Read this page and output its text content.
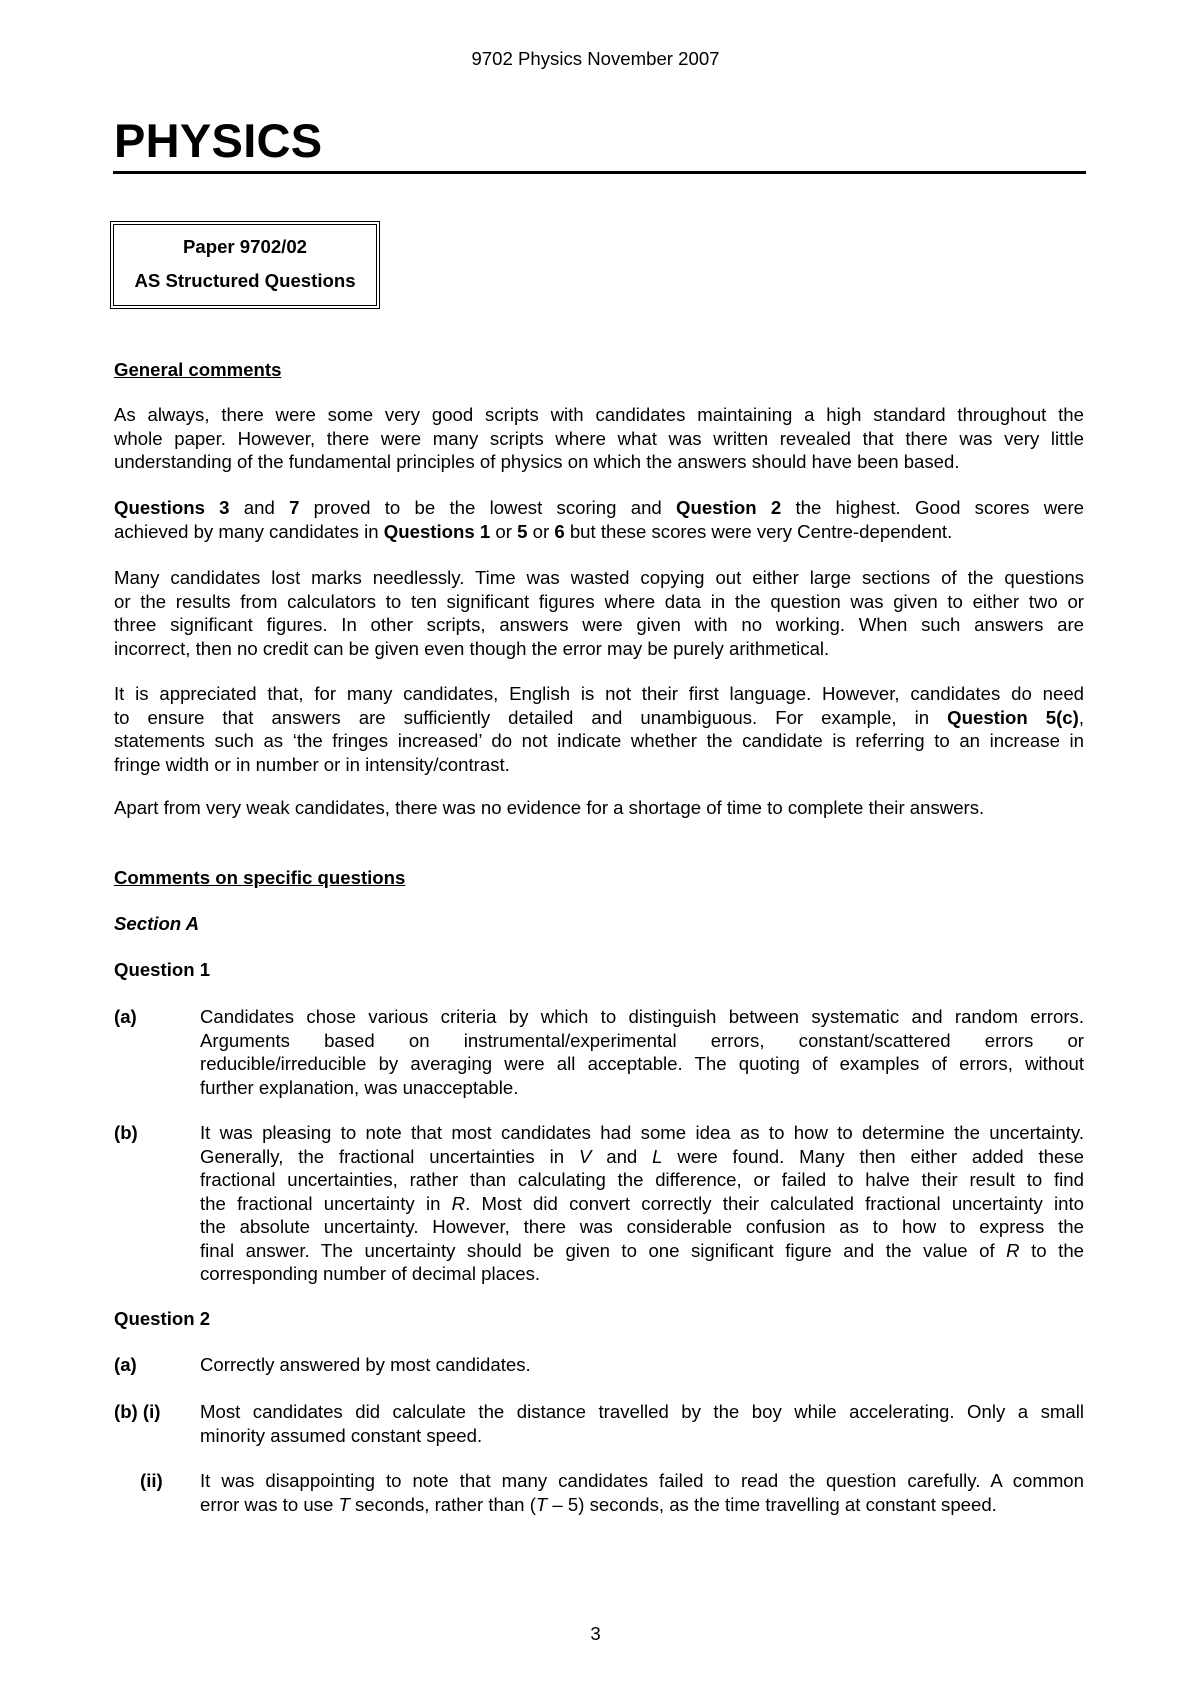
9702 Physics November 2007
PHYSICS
Paper 9702/02
AS Structured Questions
General comments
As always, there were some very good scripts with candidates maintaining a high standard throughout the
whole paper. However, there were many scripts where what was written revealed that there was very little
understanding of the fundamental principles of physics on which the answers should have been based.
Questions 3 and 7 proved to be the lowest scoring and Question 2 the highest. Good scores were
achieved by many candidates in Questions 1 or 5 or 6 but these scores were very Centre-dependent.
Many candidates lost marks needlessly. Time was wasted copying out either large sections of the questions
or the results from calculators to ten significant figures where data in the question was given to either two or
three significant figures. In other scripts, answers were given with no working. When such answers are
incorrect, then no credit can be given even though the error may be purely arithmetical.
It is appreciated that, for many candidates, English is not their first language. However, candidates do need
to ensure that answers are sufficiently detailed and unambiguous. For example, in Question 5(c),
statements such as ‘the fringes increased’ do not indicate whether the candidate is referring to an increase in
fringe width or in number or in intensity/contrast.
Apart from very weak candidates, there was no evidence for a shortage of time to complete their answers.
Comments on specific questions
Section A
Question 1
(a)	Candidates chose various criteria by which to distinguish between systematic and random errors.
Arguments based on instrumental/experimental errors, constant/scattered errors or
reducible/irreducible by averaging were all acceptable. The quoting of examples of errors, without
further explanation, was unacceptable.
(b)	It was pleasing to note that most candidates had some idea as to how to determine the uncertainty.
Generally, the fractional uncertainties in V and L were found. Many then either added these
fractional uncertainties, rather than calculating the difference, or failed to halve their result to find
the fractional uncertainty in R. Most did convert correctly their calculated fractional uncertainty into
the absolute uncertainty. However, there was considerable confusion as to how to express the
final answer. The uncertainty should be given to one significant figure and the value of R to the
corresponding number of decimal places.
Question 2
(a)	Correctly answered by most candidates.
(b) (i) Most candidates did calculate the distance travelled by the boy while accelerating. Only a small
minority assumed constant speed.
(ii) It was disappointing to note that many candidates failed to read the question carefully. A common
error was to use T seconds, rather than (T – 5) seconds, as the time travelling at constant speed.
3
